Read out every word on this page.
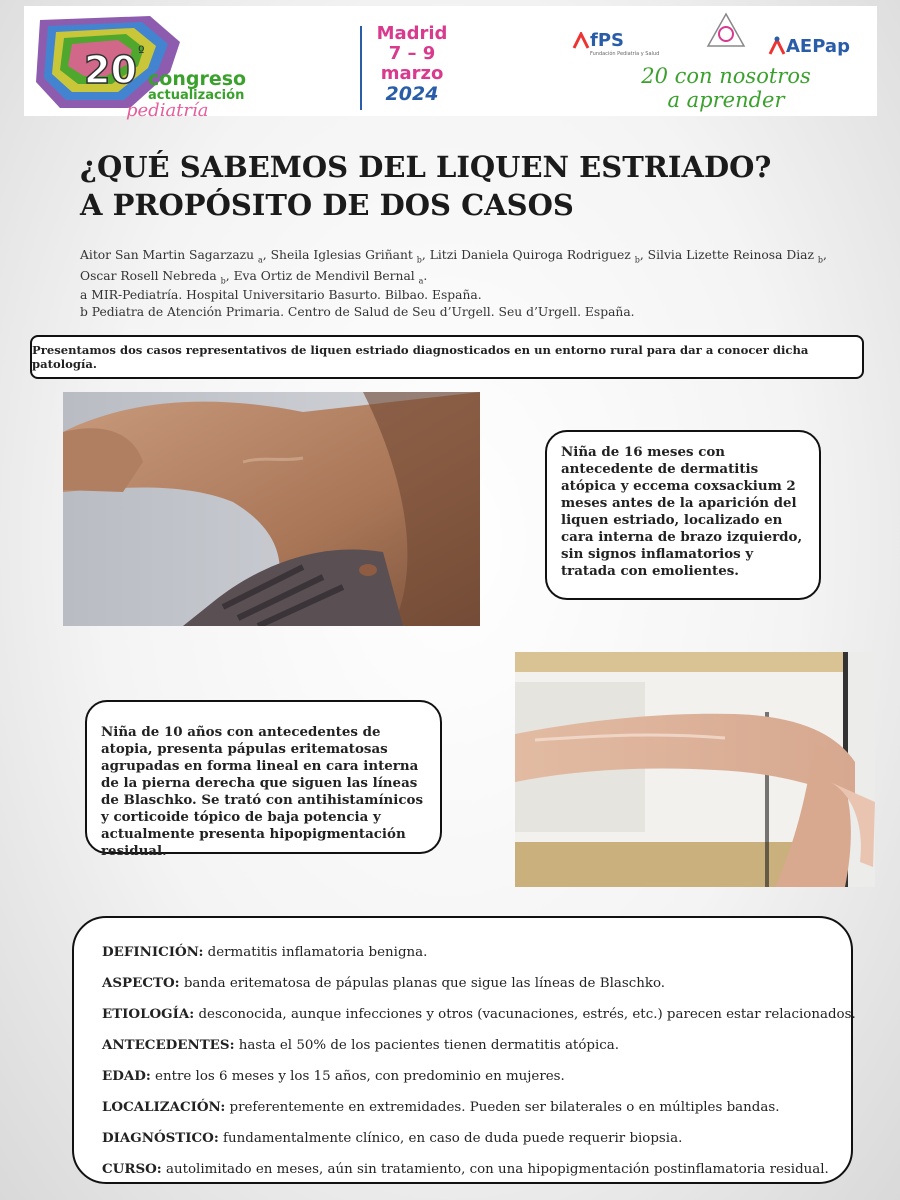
20 º
congreso
actualización
pediatría
Madrid
7 – 9
marzo
2024
fPS
Fundación Pediatría y Salud	AEPap
20 con nosotros
a aprender
¿QUÉ SABEMOS DEL LIQUEN ESTRIADO?
A PROPÓSITO DE DOS CASOS
Aitor San Martin Sagarzazu $_a$, Sheila Iglesias Griñant $_b$, Litzi Daniela Quiroga Rodriguez $_b$, Silvia Lizette Reinosa Diaz $_b$,
Oscar Rosell Nebreda $_b$, Eva Ortiz de Mendivil Bernal $_a$.
a MIR-Pediatría. Hospital Universitario Basurto. Bilbao. España.
b Pediatra de Atención Primaria. Centro de Salud de Seu d’Urgell. Seu d’Urgell. España.
Presentamos dos casos representativos de liquen estriado diagnosticados en un entorno rural para dar a conocer dicha patología.
Niña de 16 meses con antecedente de dermatitis atópica y eccema coxsackium 2 meses antes de la aparición del liquen estriado, localizado en cara interna de brazo izquierdo, sin signos inflamatorios y tratada con emolientes.
Niña de 10 años con antecedentes de atopia, presenta pápulas eritematosas agrupadas en forma lineal en cara interna de la pierna derecha que siguen las líneas de Blaschko. Se trató con antihistamínicos y corticoide tópico de baja potencia y actualmente presenta hipopigmentación residual.
DEFINICIÓN: dermatitis inflamatoria benigna.
ASPECTO: banda eritematosa de pápulas planas que sigue las líneas de Blaschko.
ETIOLOGÍA: desconocida, aunque infecciones y otros (vacunaciones, estrés, etc.) parecen estar relacionados.
ANTECEDENTES: hasta el 50% de los pacientes tienen dermatitis atópica.
EDAD: entre los 6 meses y los 15 años, con predominio en mujeres.
LOCALIZACIÓN: preferentemente en extremidades. Pueden ser bilaterales o en múltiples bandas.
DIAGNÓSTICO: fundamentalmente clínico, en caso de duda puede requerir biopsia.
CURSO: autolimitado en meses, aún sin tratamiento, con una hipopigmentación postinflamatoria residual.
